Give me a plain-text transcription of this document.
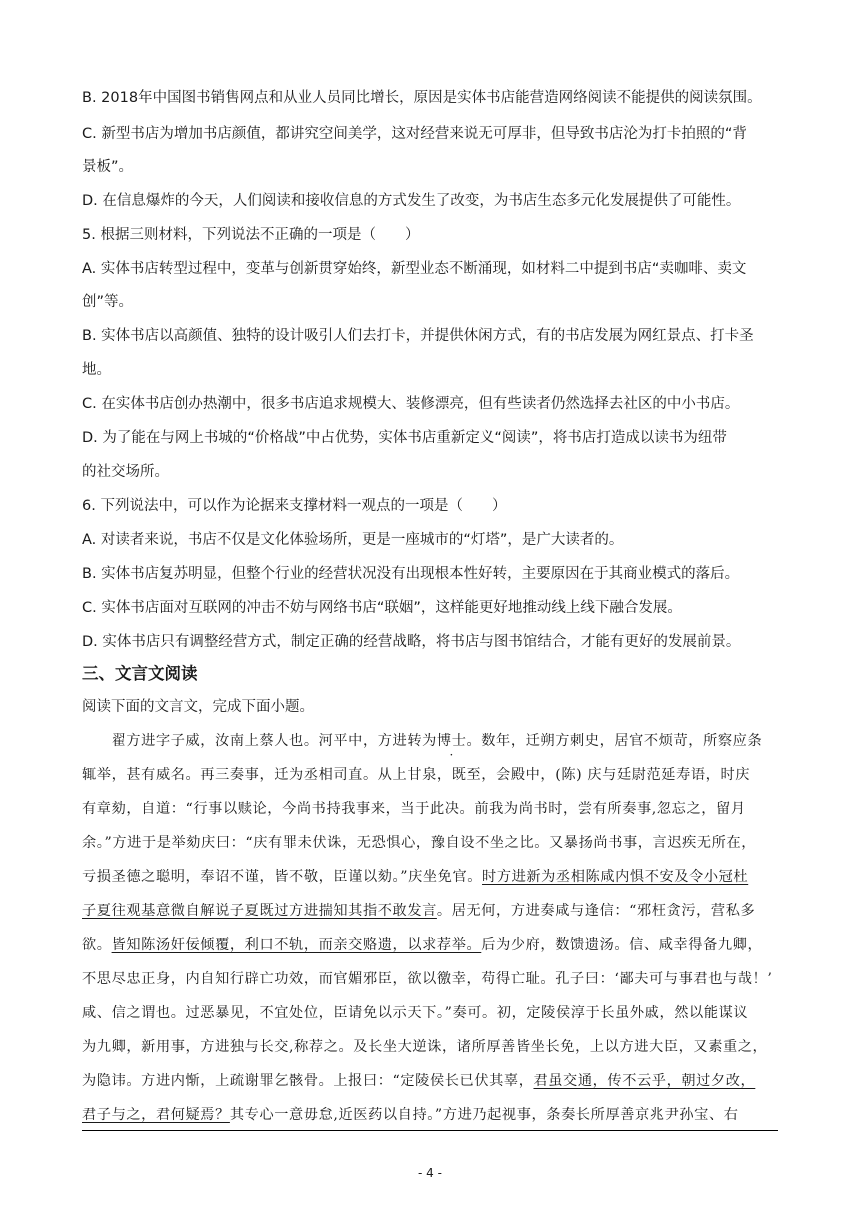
B. 2018年中国图书销售网点和从业人员同比增长，原因是实体书店能营造网络阅读不能提供的阅读氛围。
C. 新型书店为增加书店颜值，都讲究空间美学，这对经营来说无可厚非，但导致书店沦为打卡拍照的“背
景板”。
D. 在信息爆炸的今天，人们阅读和接收信息的方式发生了改变，为书店生态多元化发展提供了可能性。
5. 根据三则材料，下列说法不正确的一项是（　　）
A. 实体书店转型过程中，变革与创新贯穿始终，新型业态不断涌现，如材料二中提到书店“卖咖啡、卖文
创”等。
B. 实体书店以高颜值、独特的设计吸引人们去打卡，并提供休闲方式，有的书店发展为网红景点、打卡圣
地。
C. 在实体书店创办热潮中，很多书店追求规模大、装修漂亮，但有些读者仍然选择去社区的中小书店。
D. 为了能在与网上书城的“价格战”中占优势，实体书店重新定义“阅读”，将书店打造成以读书为纽带
的社交场所。
6. 下列说法中，可以作为论据来支撑材料一观点的一项是（　　）
A. 对读者来说，书店不仅是文化体验场所，更是一座城市的“灯塔”，是广大读者的。
B. 实体书店复苏明显，但整个行业的经营状况没有出现根本性好转，主要原因在于其商业模式的落后。
C. 实体书店面对互联网的冲击不妨与网络书店“联姻”，这样能更好地推动线上线下融合发展。
D. 实体书店只有调整经营方式，制定正确的经营战略，将书店与图书馆结合，才能有更好的发展前景。
三、文言文阅读
阅读下面的文言文，完成下面小题。
　　翟方进字子威，汝南上蔡人也。河平中，方进转为博士。数年，迁朔方刺史，居官不烦苛，所察应条
辄举，甚有威名。再三奏事，迁为丞相司直。从上甘泉，既至，会殿中，(陈) 庆与廷尉范延寿语，时庆
有章劾，自道：“行事以赎论，今尚书持我事来，当于此决。前我为尚书时，尝有所奏事,忽忘之，留月
余。”方进于是举劾庆曰：“庆有罪未伏诛，无恐惧心，豫自设不坐之比。又暴扬尚书事，言迟疾无所在，
亏损圣德之聪明，奉诏不谨，皆不敬，臣谨以劾。”庆坐免官。时方进新为丞相陈咸内惧不安及令小冠杜
子夏往观基意微自解说子夏既过方进揣知其指不敢发言。居无何，方进奏咸与逢信：“邪枉贪污，营私多
欲。皆知陈汤奸佞倾覆，利口不轨，而亲交赂遗，以求荐举。后为少府，数馈遗汤。信、咸幸得备九卿，
不思尽忠正身，内自知行辟亡功效，而官媚邪臣，欲以徼幸，苟得亡耻。孔子曰：‘鄙夫可与事君也与哉！’
咸、信之谓也。过恶暴见，不宜处位，臣请免以示天下。”奏可。初，定陵侯淳于长虽外戚，然以能谋议
为九卿，新用事，方进独与长交,称荐之。及长坐大逆诛，诸所厚善皆坐长免，上以方进大臣，又素重之，
为隐讳。方进内惭，上疏谢罪乞骸骨。上报曰：“定陵侯长已伏其辜，君虽交通，传不云乎，朝过夕改，
君子与之，君何疑焉？其专心一意毋怠,近医药以自持。”方进乃起视事，条奏长所厚善京兆尹孙宝、右
- 4 -
